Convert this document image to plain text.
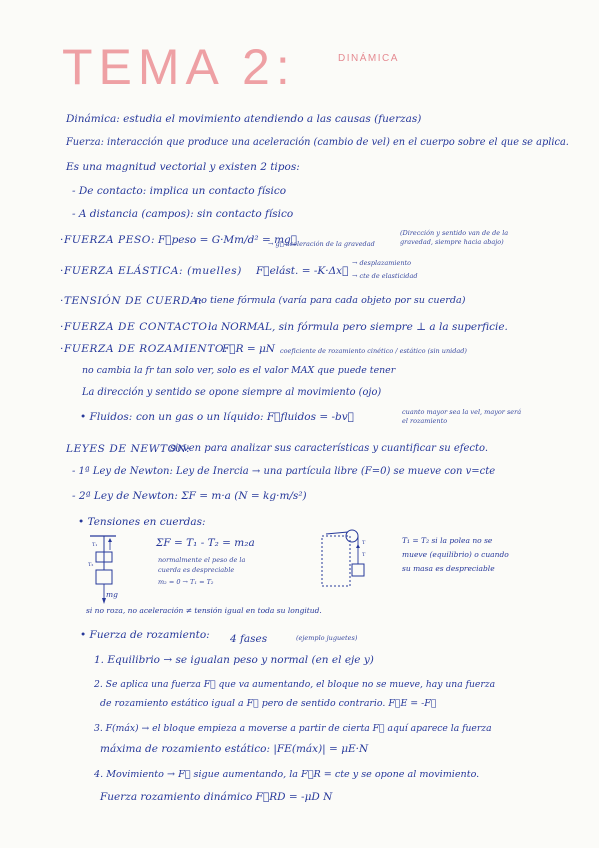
TEMA 2:	DINÁMICA
Dinámica: estudia el movimiento atendiendo a las causas (fuerzas)
Fuerza: interacción que produce una aceleración (cambio de vel) en el cuerpo sobre el que se aplica.
Es una magnitud vectorial y existen 2 tipos:
- De contacto: implica un contacto físico
- A distancia (campos): sin contacto físico
·FUERZA PESO: F⃗peso = G·Mm/d² = mg⃗
→ g⃗ aceleración de la gravedad
(Dirección y sentido van de de la gravedad, siempre hacia abajo)
·FUERZA ELÁSTICA: (muelles) F⃗elást. = -K·Δx⃗
→ desplazamiento
→ cte de elasticidad
·TENSIÓN DE CUERDA:
no tiene fórmula (varía para cada objeto por su cuerda)
·FUERZA DE CONTACTO:
la NORMAL, sin fórmula pero siempre ⊥ a la superficie.
·FUERZA DE ROZAMIENTO:
F⃗R = μN coeficiente de rozamiento cinético / estático (sin unidad)
no cambia la fr tan solo ver, solo es el valor MAX que puede tener
La dirección y sentido se opone siempre al movimiento (ojo)
• Fluidos: con un gas o un líquido: F⃗fluidos = -bv⃗	cuanto mayor sea la vel, mayor será el rozamiento
LEYES DE NEWTON:
sirven para analizar sus características y cuantificar su efecto.
- 1ª Ley de Newton: Ley de Inercia → una partícula libre (F=0) se mueve con v=cte
- 2ª Ley de Newton: ΣF = m·a (N = kg·m/s²)
• Tensiones en cuerdas:
T₁
T₂
mg
ΣF = T₁ - T₂ = m₂a
normalmente el peso de la
cuerda es despreciable
m₂ = 0 → T₁ = T₂
T
T
T₁ = T₂ si la polea no se
mueve (equilibrio) o cuando
su masa es despreciable
si no roza, no aceleración ≠ tensión igual en toda su longitud.
• Fuerza de rozamiento: 4 fases	(ejemplo juguetes)
1. Equilibrio → se igualan peso y normal (en el eje y)
2. Se aplica una fuerza F⃗ que va aumentando, el bloque no se mueve, hay una fuerza
de rozamiento estático igual a F⃗ pero de sentido contrario. F⃗E = -F⃗
3. F(máx) → el bloque empieza a moverse a partir de cierta F⃗ aquí aparece la fuerza
máxima de rozamiento estático: |FE(máx)| = μE·N
4. Movimiento → F⃗ sigue aumentando, la F⃗R = cte y se opone al movimiento.
Fuerza rozamiento dinámico F⃗RD = -μD N
